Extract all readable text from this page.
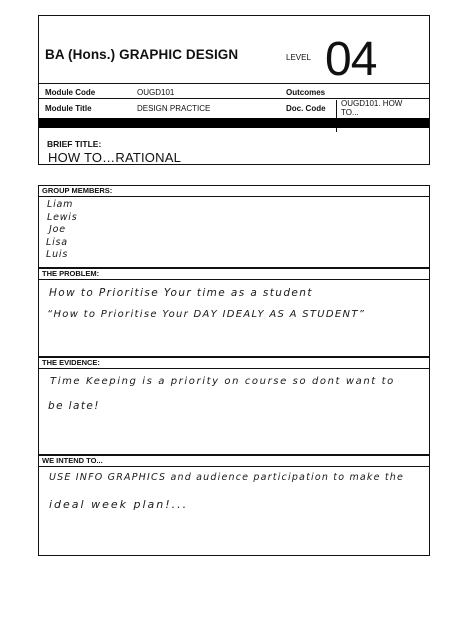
BA (Hons.) GRAPHIC DESIGN	LEVEL 04
Module Code	OUGD101	Outcomes
Module Title	DESIGN PRACTICE	Doc. Code
OUGD101. HOW
TO...
BRIEF TITLE:
HOW TO…RATIONAL
GROUP MEMBERS:
Liam
Lewis
Joe
Lisa
Luis
THE PROBLEM:
How to Prioritise Your time as a student
“How to Prioritise Your DAY IDEALY AS A STUDENT”
THE EVIDENCE:
Time Keeping is a priority on course so dont want to
be late!
WE INTEND TO...
USE INFO GRAPHICS and audience participation to make the
ideal week plan!...
